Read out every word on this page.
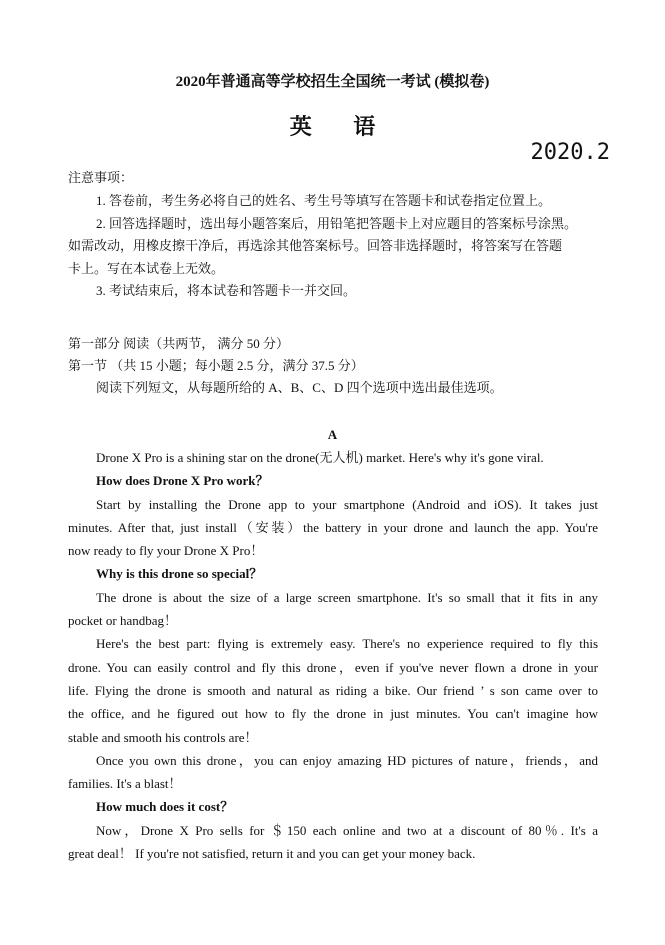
2020年普通高等学校招生全国统一考试 (模拟卷)
英 语
2020.2
注意事项：
1. 答卷前，考生务必将自己的姓名、考生号等填写在答题卡和试卷指定位置上。
2. 回答选择题时，选出每小题答案后，用铅笔把答题卡上对应题目的答案标号涂黑。
如需改动，用橡皮擦干净后，再选涂其他答案标号。回答非选择题时，将答案写在答题
卡上。写在本试卷上无效。
3. 考试结束后，将本试卷和答题卡一并交回。
第一部分 阅读（共两节， 满分 50 分）
第一节 （共 15 小题；每小题 2.5 分，满分 37.5 分）
阅读下列短文，从每题所给的 A、B、C、D 四个选项中选出最佳选项。
A
Drone X Pro is a shining star on the drone(无人机) market. Here's why it's gone viral.
How does Drone X Pro work？
Start by installing the Drone app to your smartphone (Android and iOS). It takes just
minutes. After that, just install（安装）the battery in your drone and launch the app. You're
now ready to fly your Drone X Pro！
Why is this drone so special？
The drone is about the size of a large screen smartphone. It's so small that it fits in any
pocket or handbag！
Here's the best part: flying is extremely easy. There's no experience required to fly this
drone. You can easily control and fly this drone，even if you've never flown a drone in your
life. Flying the drone is smooth and natural as riding a bike. Our friend ’ s son came over to
the office, and he figured out how to fly the drone in just minutes. You can't imagine how
stable and smooth his controls are！
Once you own this drone，you can enjoy amazing HD pictures of nature，friends，and
families. It's a blast！
How much does it cost？
Now，Drone X Pro sells for ＄150 each online and two at a discount of 80％. It's a
great deal！ If you're not satisfied, return it and you can get your money back.
